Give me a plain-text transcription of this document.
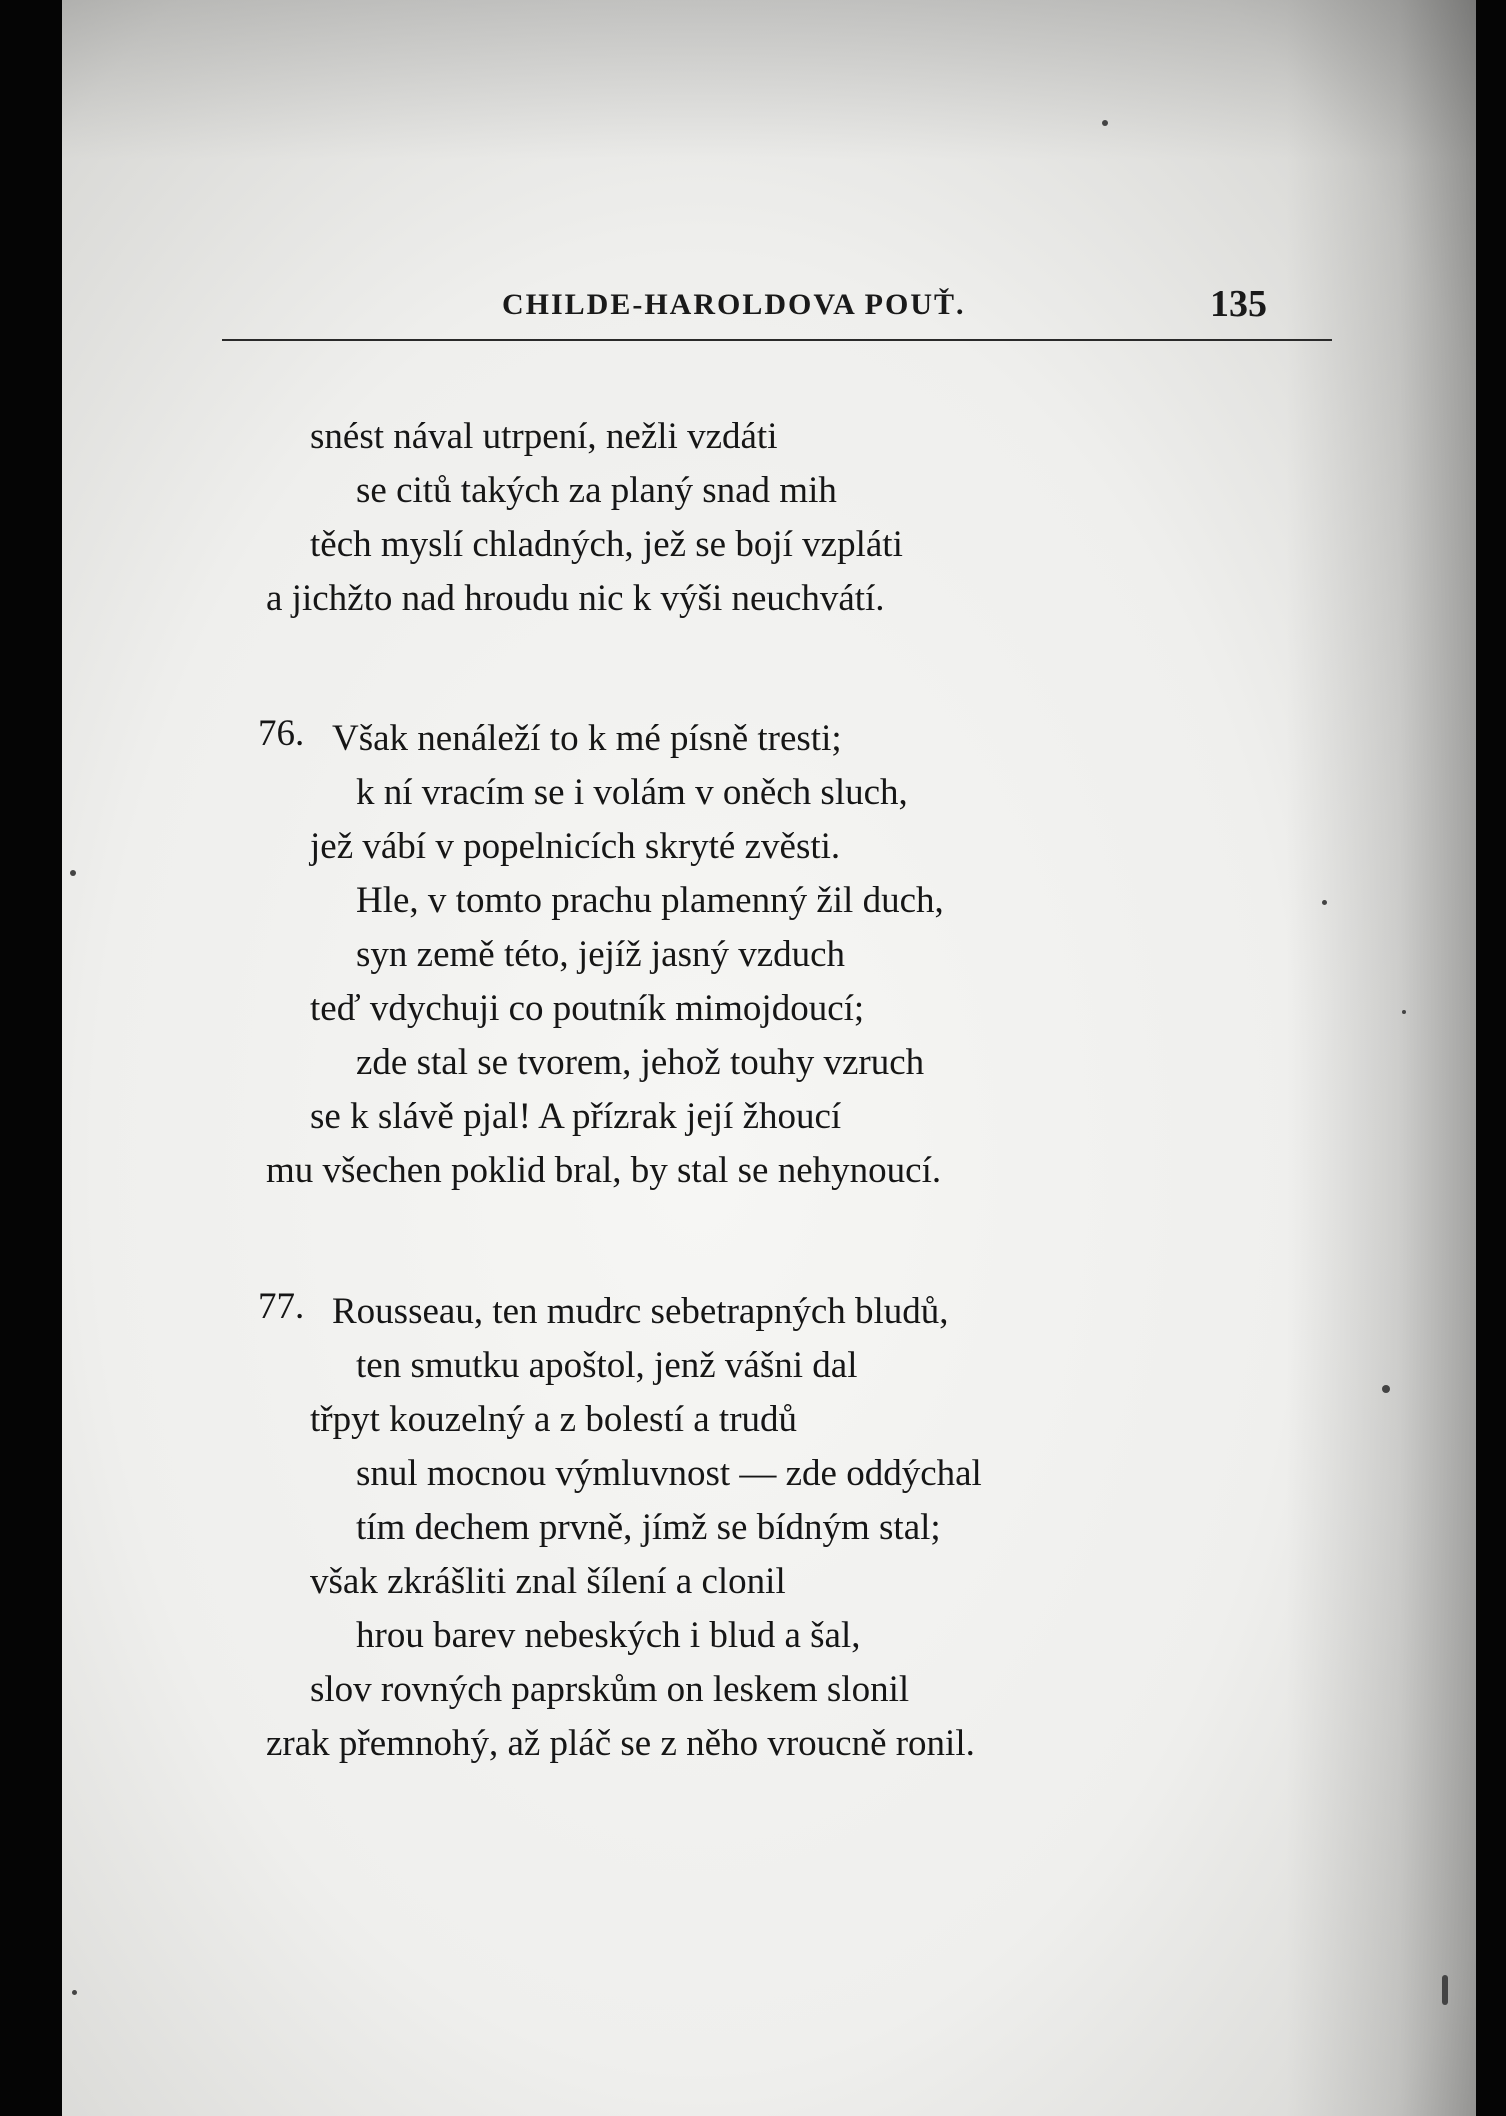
CHILDE-HAROLDOVA POUŤ.	135
snést nával utrpení, nežli vzdáti
se citů takých za planý snad mih
těch myslí chladných, jež se bojí vzpláti
a jichžto nad hroudu nic k výši neuchvátí.
76. Však nenáleží to k mé písně tresti;
k ní vracím se i volám v oněch sluch,
jež vábí v popelnicích skryté zvěsti.
Hle, v tomto prachu plamenný žil duch,
syn země této, jejíž jasný vzduch
teď vdychuji co poutník mimojdoucí;
zde stal se tvorem, jehož touhy vzruch
se k slávě pjal! A přízrak její žhoucí
mu všechen poklid bral, by stal se nehynoucí.
77. Rousseau, ten mudrc sebetrapných bludů,
ten smutku apoštol, jenž vášni dal
třpyt kouzelný a z bolestí a trudů
snul mocnou výmluvnost — zde oddýchal
tím dechem prvně, jímž se bídným stal;
však zkrášliti znal šílení a clonil
hrou barev nebeských i blud a šal,
slov rovných paprskům on leskem slonil
zrak přemnohý, až pláč se z něho vroucně ronil.
